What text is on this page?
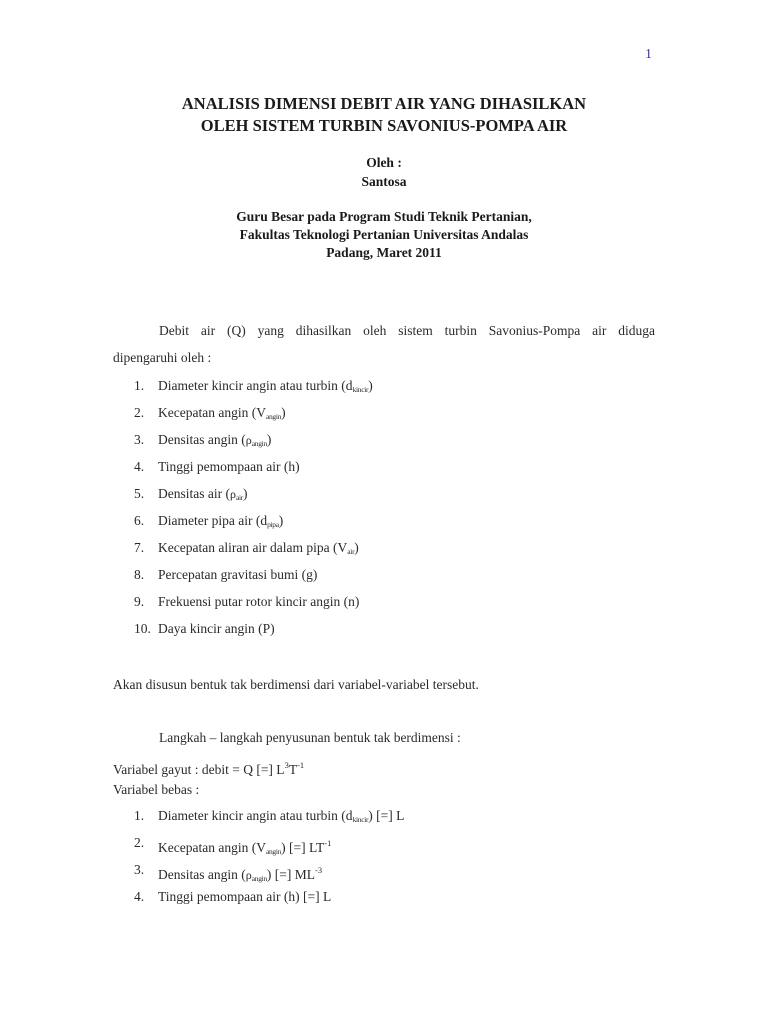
1
ANALISIS DIMENSI DEBIT AIR YANG DIHASILKAN
OLEH SISTEM TURBIN SAVONIUS-POMPA AIR
Oleh :
Santosa
Guru Besar pada Program Studi Teknik Pertanian,
Fakultas Teknologi Pertanian Universitas Andalas
Padang, Maret 2011
Debit air (Q) yang dihasilkan oleh sistem turbin Savonius-Pompa air diduga
dipengaruhi oleh :
1. Diameter kincir angin atau turbin $(d_{kincir})$
2. Kecepatan angin $(V_{angin})$
3. Densitas angin $(\rho_{angin})$
4. Tinggi pemompaan air (h)
5. Densitas air $(\rho_{air})$
6. Diameter pipa air $(d_{pipa})$
7. Kecepatan aliran air dalam pipa $(V_{air})$
8. Percepatan gravitasi bumi (g)
9. Frekuensi putar rotor kincir angin (n)
10. Daya kincir angin (P)
Akan disusun bentuk tak berdimensi dari variabel-variabel tersebut.
Langkah – langkah penyusunan bentuk tak berdimensi :
Variabel gayut : debit = Q [=] $L^3T^{-1}$
Variabel bebas :
1. Diameter kincir angin atau turbin $(d_{kincir})$ [=] L
2. Kecepatan angin $(V_{angin})$ [=] $LT^{-1}$
3. Densitas angin $(\rho_{angin})$ [=] $ML^{-3}$
4. Tinggi pemompaan air (h) [=] L
